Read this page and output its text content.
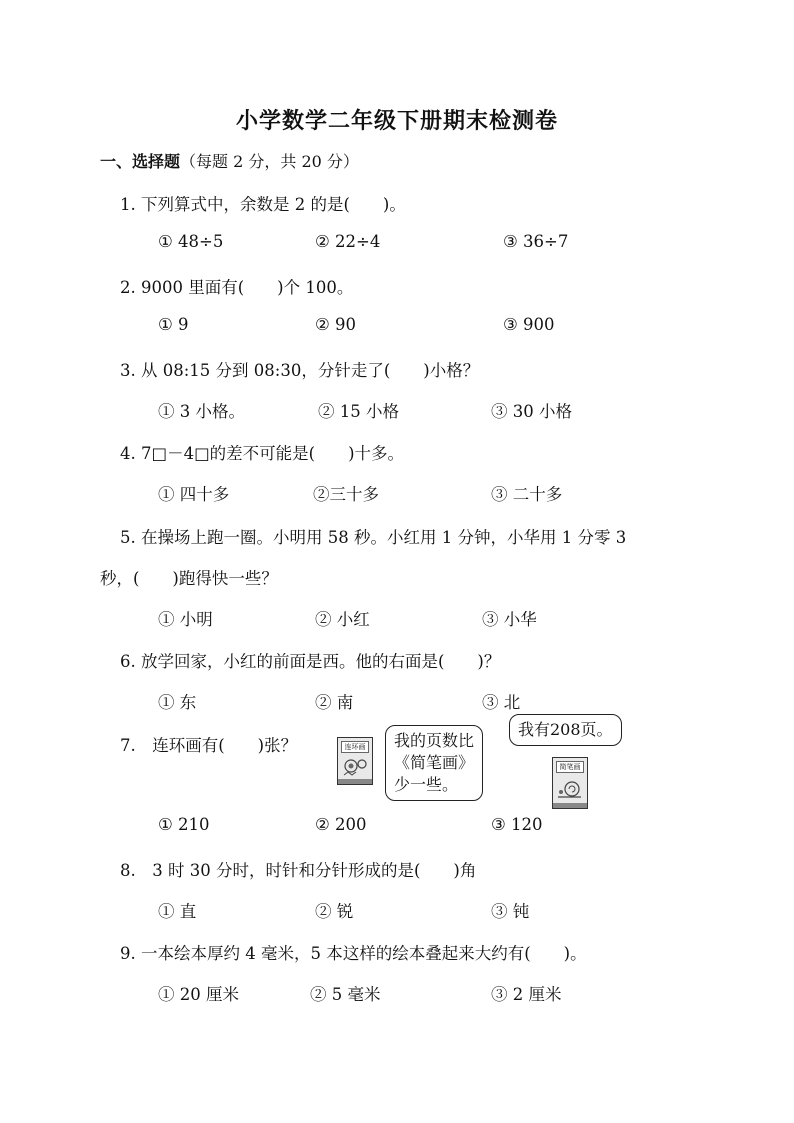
小学数学二年级下册期末检测卷
一、选择题（每题 2 分，共 20 分）
1. 下列算式中，余数是 2 的是(　　)。
① 48÷5	② 22÷4	③ 36÷7
2. 9000 里面有(　　)个 100。
① 9	② 90	③ 900
3. 从 08:15 分到 08:30，分针走了(　　)小格？
① 3 小格。	② 15 小格	③ 30 小格
4. 7□－4□的差不可能是(　　)十多。
① 四十多	②三十多	③ 二十多
5. 在操场上跑一圈。小明用 58 秒。小红用 1 分钟，小华用 1 分零 3
秒，(　　)跑得快一些？
① 小明	② 小红	③ 小华
6. 放学回家，小红的前面是西。他的右面是(　　)？
① 东	② 南	③ 北
7.　连环画有(　　)张？	连环画 我的页数比
《简笔画》
少一些。
我有208页。
简笔画
① 210	② 200	③ 120
8.　3 时 30 分时，时针和分针形成的是(　　)角
① 直	② 锐	③ 钝
9. 一本绘本厚约 4 毫米，5 本这样的绘本叠起来大约有(　　)。
① 20 厘米	② 5 毫米	③ 2 厘米
